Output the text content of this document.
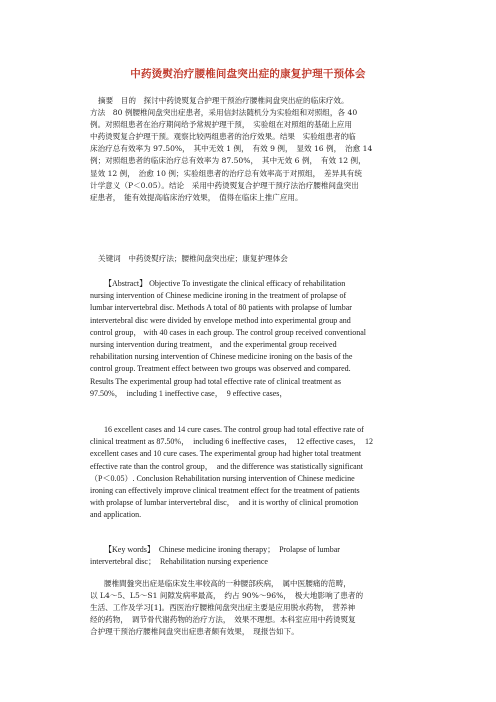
中药烫熨治疗腰椎间盘突出症的康复护理干预体会
摘要　目的　探讨中药烫熨复合护理干预治疗腰椎间盘突出症的临床疗效。
方法　80 例腰椎间盘突出症患者，采用信封法随机分为实验组和对照组，各 40
例。对照组患者在治疗期间给予常规护理干预，　实验组在对照组的基础上应用
中药烫熨复合护理干预。观察比较两组患者的治疗效果。结果　实验组患者的临
床治疗总有效率为 97.50%，　其中无效 1 例，　有效 9 例，　显效 16 例，　治愈 14
例；对照组患者的临床治疗总有效率为 87.50%，　其中无效 6 例，　有效 12 例，
显效 12 例，　治愈 10 例；实验组患者的治疗总有效率高于对照组，　差异具有统
计学意义（P＜0.05）。结论　采用中药烫熨复合护理干预疗法治疗腰椎间盘突出
症患者，　能有效提高临床治疗效果，　值得在临床上推广应用。
关键词　中药烫熨疗法；腰椎间盘突出症；康复护理体会
【Abstract】 Objective To investigate the clinical efficacy of rehabilitation
nursing intervention of Chinese medicine ironing in the treatment of prolapse of
lumbar intervertebral disc. Methods A total of 80 patients with prolapse of lumbar
intervertebral disc were divided by envelope method into experimental group and
control group， with 40 cases in each group. The control group received conventional
nursing intervention during treatment， and the experimental group received
rehabilitation nursing intervention of Chinese medicine ironing on the basis of the
control group. Treatment effect between two groups was observed and compared.
Results The experimental group had total effective rate of clinical treatment as
97.50%，　including 1 ineffective case，　9 effective cases，
16 excellent cases and 14 cure cases. The control group had total effective rate of
clinical treatment as 87.50%，　including 6 ineffective cases，　12 effective cases，　12
excellent cases and 10 cure cases. The experimental group had higher total treatment
effective rate than the control group，　and the difference was statistically significant
（P＜0.05）. Conclusion Rehabilitation nursing intervention of Chinese medicine
ironing can effectively improve clinical treatment effect for the treatment of patients
with prolapse of lumbar intervertebral disc，　and it is worthy of clinical promotion
and application.
【Key words】　Chinese medicine ironing therapy；　Prolapse of lumbar
intervertebral disc；　Rehabilitation nursing experience
腰椎間盤突出症是临床发生率较高的一种腰部疾病，　属中医腰痛的范畴，
以 L4～5、L5～S1 间隙发病率最高，　约占 90%～96%，　极大地影响了患者的
生活、工作及学习[1]。西医治疗腰椎间盘突出症主要是应用脱水药物，　营养神
经的药物，　调节骨代谢药物的治疗方法，　效果不理想。本科室应用中药烫熨复
合护理干预治疗腰椎间盘突出症患者颇有效果，　现报告如下。
